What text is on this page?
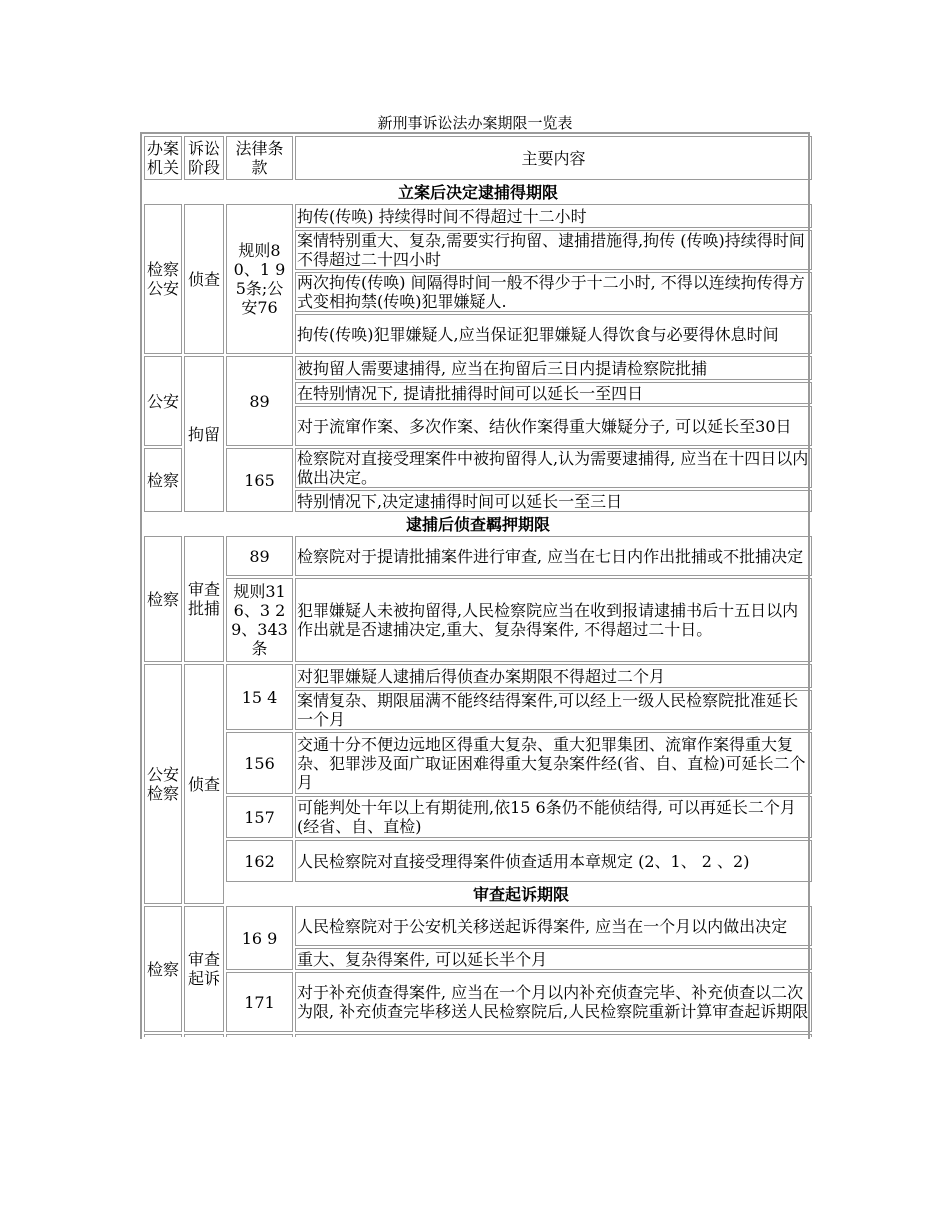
新刑事诉讼法办案期限一览表
办案机关	诉讼阶段	法律条款	主要内容
立案后决定逮捕得期限			
检察公安	侦查	规则80、1 9 5条;公安76	拘传(传唤) 持续得时间不得超过十二小时
			案情特别重大、复杂,需要实行拘留、逮捕措施得,拘传 (传唤)持续得时间不得超过二十四小时
			两次拘传(传唤) 间隔得时间一般不得少于十二小时, 不得以连续拘传得方式变相拘禁(传唤)犯罪嫌疑人.
			拘传(传唤)犯罪嫌疑人,应当保证犯罪嫌疑人得饮食与必要得休息时间
公安	拘留	89	被拘留人需要逮捕得, 应当在拘留后三日内提请检察院批捕
			在特别情况下, 提请批捕得时间可以延长一至四日
			对于流窜作案、多次作案、结伙作案得重大嫌疑分子, 可以延长至30日
检察		165	检察院对直接受理案件中被拘留得人,认为需要逮捕得, 应当在十四日以内做出决定。
			特别情况下,决定逮捕得时间可以延长一至三日
逮捕后侦查羁押期限			
检察	审查批捕	89	检察院对于提请批捕案件进行审查, 应当在七日内作出批捕或不批捕决定
		规则316、3 2 9、343条	犯罪嫌疑人未被拘留得,人民检察院应当在收到报请逮捕书后十五日以内作出就是否逮捕决定,重大、复杂得案件, 不得超过二十日。
公安检察	侦查	15 4	对犯罪嫌疑人逮捕后得侦查办案期限不得超过二个月
			案情复杂、期限届满不能终结得案件,可以经上一级人民检察院批准延长一个月
		156	交通十分不便边远地区得重大复杂、重大犯罪集团、流窜作案得重大复杂、犯罪涉及面广取证困难得重大复杂案件经(省、自、直检)可延长二个月
		157	可能判处十年以上有期徒刑,依15 6条仍不能侦结得, 可以再延长二个月(经省、自、直检)
		162	人民检察院对直接受理得案件侦查适用本章规定 (2、1、 2 、2)
		审查起诉期限	
检察	审查起诉	16 9	人民检察院对于公安机关移送起诉得案件, 应当在一个月以内做出决定
			重大、复杂得案件, 可以延长半个月
		171	对于补充侦查得案件, 应当在一个月以内补充侦查完毕、补充侦查以二次为限, 补充侦查完毕移送人民检察院后,人民检察院重新计算审查起诉期限
